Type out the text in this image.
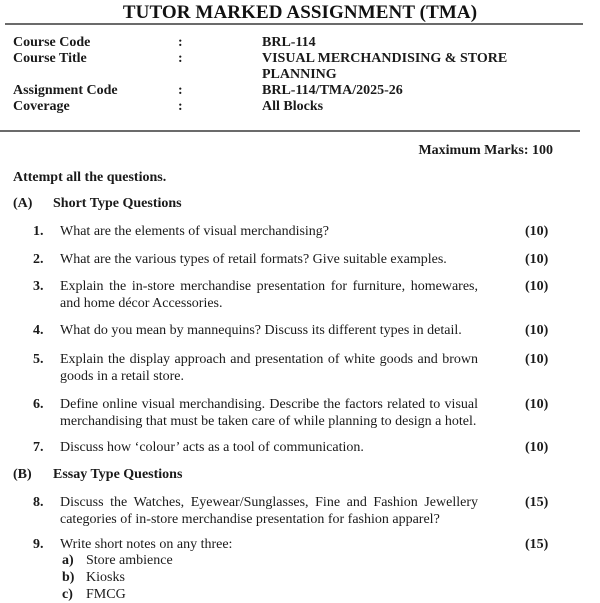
TUTOR MARKED ASSIGNMENT (TMA)
Course Code	:	BRL-114
Course Title	:	VISUAL MERCHANDISING & STORE
PLANNING
Assignment Code	:	BRL-114/TMA/2025-26
Coverage	:	All Blocks
Maximum Marks: 100
Attempt all the questions.
(A) Short Type Questions
1. What are the elements of visual merchandising?	(10)
2. What are the various types of retail formats? Give suitable examples.	(10)
3. Explain the in-store merchandise presentation for furniture, homewares, and home décor Accessories.
(10)
4. What do you mean by mannequins? Discuss its different types in detail.	(10)
5. Explain the display approach and presentation of white goods and brown goods in a retail store.
(10)
6. Define online visual merchandising. Describe the factors related to visual merchandising that must be taken care of while planning to design a hotel.
(10)
7. Discuss how ‘colour’ acts as a tool of communication.	(10)
(B) Essay Type Questions
8. Discuss the Watches, Eyewear/Sunglasses, Fine and Fashion Jewellery categories of in-store merchandise presentation for fashion apparel?
(15)
9. Write short notes on any three:	(15)
a) Store ambience
b) Kiosks
c) FMCG
